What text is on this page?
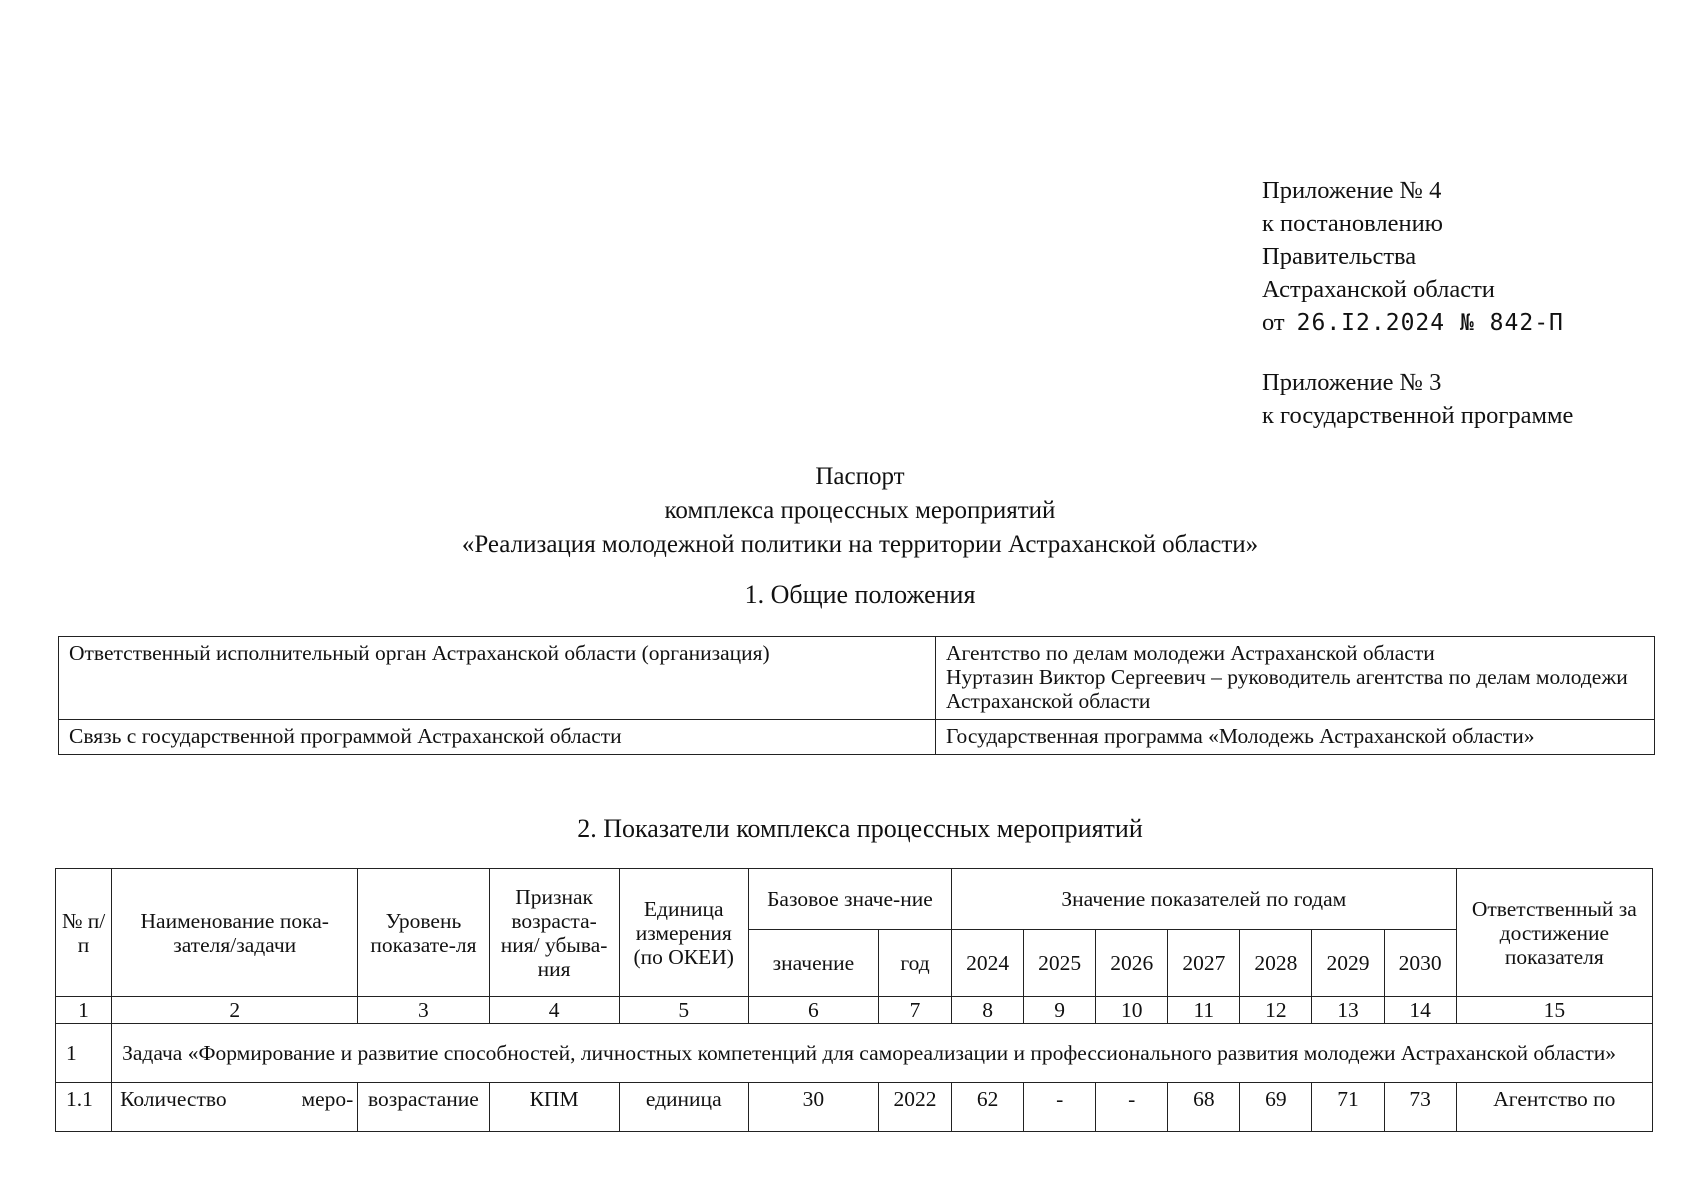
Приложение № 4
к постановлению
Правительства
Астраханской области
от 26.I2.2024 № 842-П
Приложение № 3
к государственной программе
Паспорт
комплекса процессных мероприятий
«Реализация молодежной политики на территории Астраханской области»
1. Общие положения
Ответственный исполнительный орган Астраханской области (организация)	Агентство по делам молодежи Астраханской области
Нуртазин Виктор Сергеевич – руководитель агентства по делам молодежи Астраханской области

Связь с государственной программой Астраханской области	Государственная программа «Молодежь Астраханской области»
2. Показатели комплекса процессных мероприятий
№ п/п	Наименование пока-зателя/задачи	Уровень показате-ля	Признак возраста-ния/ убыва-ния	Единица измерения (по ОКЕИ)	Базовое значе-ние		Значение показателей по годам							Ответственный за достижение показателя
					значение	год	2024	2025	2026	2027	2028	2029	2030	
1	2	3	4	5	6	7	8	9	10	11	12	13	14	15
1	Задача «Формирование и развитие способностей, личностных компетенций для самореализации и профессионального развития молодежи Астраханской области»													
1.1	Количество меро-	возрастание	КПМ	единица	30	2022	62	-	-	68	69	71	73	Агентство по
